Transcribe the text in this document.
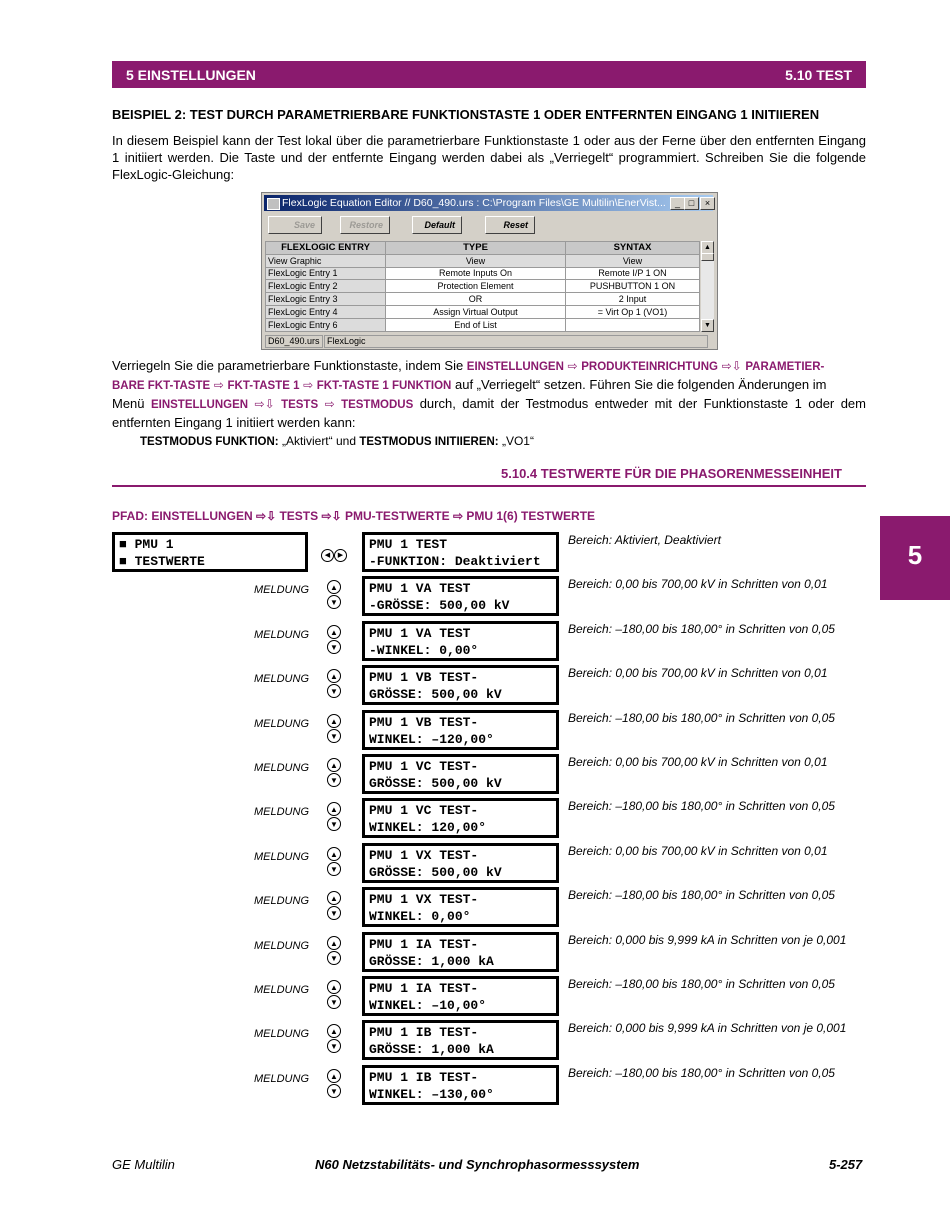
5 EINSTELLUNGEN	5.10 TEST
5
BEISPIEL 2: TEST DURCH PARAMETRIERBARE FUNKTIONSTASTE 1 ODER ENTFERNTEN EINGANG 1 INITIIEREN
In diesem Beispiel kann der Test lokal über die parametrierbare Funktionstaste 1 oder aus der Ferne über den entfernten Eingang 1 initiiert werden. Die Taste und der entfernte Eingang werden dabei als „Verriegelt“ programmiert. Schreiben Sie die folgende FlexLogic-Gleichung:
FlexLogic Equation Editor // D60_490.urs : C:\Program Files\GE Multilin\EnerVist...	_ □	×
Save	Restore	Default	Reset
FLEXLOGIC ENTRY	TYPE	SYNTAX
View Graphic	View	View
FlexLogic Entry 1	Remote Inputs On	Remote I/P 1 ON
FlexLogic Entry 2	Protection Element	PUSHBUTTON 1 ON
FlexLogic Entry 3	OR	2 Input
FlexLogic Entry 4	Assign Virtual Output	= Virt Op 1 (VO1)
FlexLogic Entry 6	End of List	
▲
▼
D60_490.urs FlexLogic
Verriegeln Sie die parametrierbare Funktionstaste, indem Sie EINSTELLUNGEN ⇨ PRODUKTEINRICHTUNG ⇨⇩ PARAMETIER-
BARE FKT-TASTE ⇨ FKT-TASTE 1 ⇨ FKT-TASTE 1 FUNKTION auf „Verriegelt“ setzen. Führen Sie die folgenden Änderungen im
Menü EINSTELLUNGEN ⇨⇩ TESTS ⇨ TESTMODUS durch, damit der Testmodus entweder mit der Funktionstaste 1 oder dem entfernten Eingang 1 initiiert werden kann:
TESTMODUS FUNKTION: „Aktiviert“ und TESTMODUS INITIIEREN: „VO1“
5.10.4 TESTWERTE FÜR DIE PHASORENMESSEINHEIT
PFAD: EINSTELLUNGEN ⇨⇩ TESTS ⇨⇩ PMU-TESTWERTE ⇨ PMU 1(6) TESTWERTE
■ PMU 1
■ TESTWERTE	◀ ▶
PMU 1 TEST
-FUNKTION: Deaktiviert
Bereich: Aktiviert, Deaktiviert
PMU 1 VA TEST
-GRÖSSE: 500,00 kV
Bereich: 0,00 bis 700,00 kV in Schritten von 0,01
MELDUNG	▲
▼
PMU 1 VA TEST
-WINKEL: 0,00°
Bereich: –180,00 bis 180,00° in Schritten von 0,05
MELDUNG	▲
▼
PMU 1 VB TEST-
GRÖSSE: 500,00 kV
Bereich: 0,00 bis 700,00 kV in Schritten von 0,01
MELDUNG	▲
▼
PMU 1 VB TEST-
WINKEL: –120,00°
Bereich: –180,00 bis 180,00° in Schritten von 0,05
MELDUNG	▲
▼
PMU 1 VC TEST-
GRÖSSE: 500,00 kV
Bereich: 0,00 bis 700,00 kV in Schritten von 0,01
MELDUNG	▲
▼
PMU 1 VC TEST-
WINKEL: 120,00°
Bereich: –180,00 bis 180,00° in Schritten von 0,05
MELDUNG	▲
▼
PMU 1 VX TEST-
GRÖSSE: 500,00 kV
Bereich: 0,00 bis 700,00 kV in Schritten von 0,01
MELDUNG	▲
▼
PMU 1 VX TEST-
WINKEL: 0,00°
Bereich: –180,00 bis 180,00° in Schritten von 0,05
MELDUNG	▲
▼
PMU 1 IA TEST-
GRÖSSE: 1,000 kA
Bereich: 0,000 bis 9,999 kA in Schritten von je 0,001
MELDUNG	▲
▼
PMU 1 IA TEST-
WINKEL: –10,00°
Bereich: –180,00 bis 180,00° in Schritten von 0,05
MELDUNG	▲
▼
PMU 1 IB TEST-
GRÖSSE: 1,000 kA
Bereich: 0,000 bis 9,999 kA in Schritten von je 0,001
MELDUNG	▲
▼
PMU 1 IB TEST-
WINKEL: –130,00°
Bereich: –180,00 bis 180,00° in Schritten von 0,05
MELDUNG	▲
▼
GE Multilin	N60 Netzstabilitäts- und Synchrophasormesssystem	5-257
